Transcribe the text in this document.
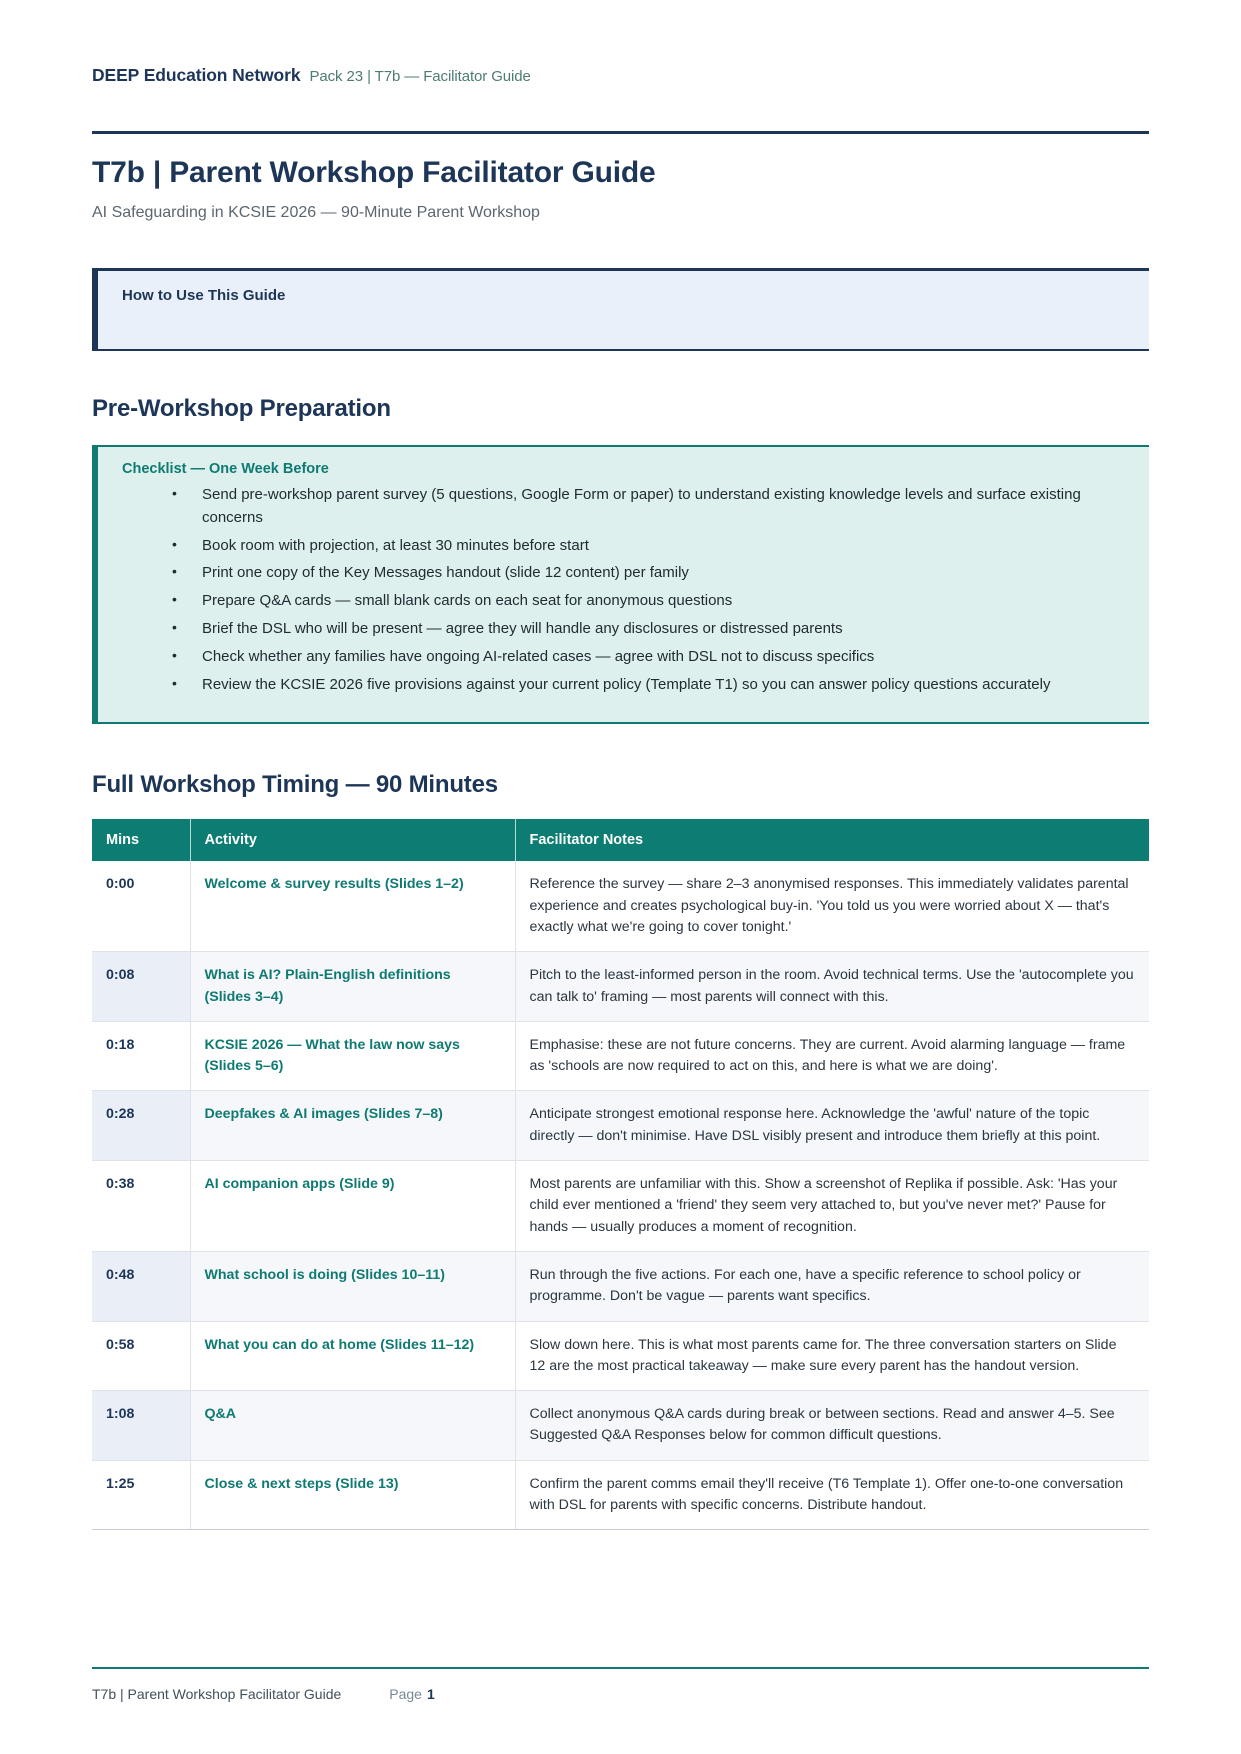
DEEP Education Network Pack 23 | T7b — Facilitator Guide
T7b | Parent Workshop Facilitator Guide

AI Safeguarding in KCSIE 2026 — 90-Minute Parent Workshop

How to Use This Guide
Pre-Workshop Preparation
Checklist — One Week Before
• Send pre-workshop parent survey (5 questions, Google Form or paper) to understand existing knowledge levels and surface existing concerns
• Book room with projection, at least 30 minutes before start
• Print one copy of the Key Messages handout (slide 12 content) per family
• Prepare Q&A cards — small blank cards on each seat for anonymous questions
• Brief the DSL who will be present — agree they will handle any disclosures or distressed parents
• Check whether any families have ongoing AI-related cases — agree with DSL not to discuss specifics
• Review the KCSIE 2026 five provisions against your current policy (Template T1) so you can answer policy questions accurately
Full Workshop Timing — 90 Minutes
Mins	Activity	Facilitator Notes
0:00	Welcome & survey results (Slides 1–2)	Reference the survey — share 2–3 anonymised responses. This immediately validates parental experience and creates psychological buy-in. 'You told us you were worried about X — that's exactly what we're going to cover tonight.'
0:08	What is AI? Plain-English definitions (Slides 3–4)	Pitch to the least-informed person in the room. Avoid technical terms. Use the 'autocomplete you can talk to' framing — most parents will connect with this.
0:18	KCSIE 2026 — What the law now says (Slides 5–6)	Emphasise: these are not future concerns. They are current. Avoid alarming language — frame as 'schools are now required to act on this, and here is what we are doing'.
0:28	Deepfakes & AI images (Slides 7–8)	Anticipate strongest emotional response here. Acknowledge the 'awful' nature of the topic directly — don't minimise. Have DSL visibly present and introduce them briefly at this point.
0:38	AI companion apps (Slide 9)	Most parents are unfamiliar with this. Show a screenshot of Replika if possible. Ask: 'Has your child ever mentioned a 'friend' they seem very attached to, but you've never met?' Pause for hands — usually produces a moment of recognition.
0:48	What school is doing (Slides 10–11)	Run through the five actions. For each one, have a specific reference to school policy or programme. Don't be vague — parents want specifics.
0:58	What you can do at home (Slides 11–12)	Slow down here. This is what most parents came for. The three conversation starters on Slide 12 are the most practical takeaway — make sure every parent has the handout version.
1:08	Q&A	Collect anonymous Q&A cards during break or between sections. Read and answer 4–5. See Suggested Q&A Responses below for common difficult questions.
1:25	Close & next steps (Slide 13)	Confirm the parent comms email they'll receive (T6 Template 1). Offer one-to-one conversation with DSL for parents with specific concerns. Distribute handout.
T7b | Parent Workshop Facilitator Guide	Page 1
